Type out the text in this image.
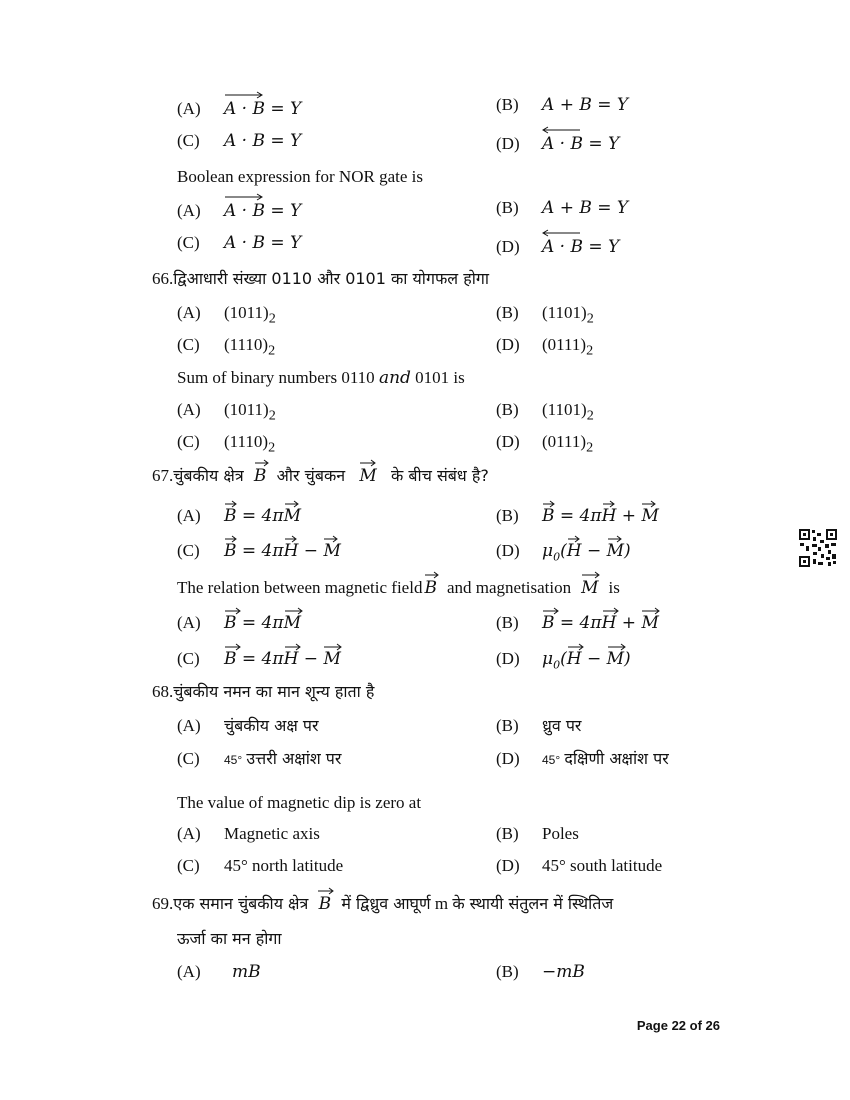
(A) A · B = Y	(B) A + B = Y
(C) A · B = Y	(D) A · B = Y
Boolean expression for NOR gate is
(A) A · B = Y	(B) A + B = Y
(C) A · B = Y	(D) A · B = Y
66.द्विआधारी संख्या 0110 और 0101 का योगफल होगा
(A) $(1011)_2$	(B) $(1101)_2$
(C) $(1110)_2$	(D) $(0111)_2$
Sum of binary numbers 0110 and 0101 is
(A) $(1011)_2$	(B) $(1101)_2$
(C) $(1110)_2$	(D) $(0111)_2$
67.चुंबकीय क्षेत्र B और चुंबकन M के बीच संबंध है?
(A) B = 4πM	(B) B = 4πH + M
(C) B = 4πH − M	(D) $\mu_0(H - M$
)
The relation between magnetic field B and magnetisation M is
(A) B = 4πM	(B) B = 4πH + M
(C) B = 4πH − M	(D) $\mu_0(H - M$
)
68.चुंबकीय नमन का मान शून्य हाता है
(A) चुंबकीय अक्ष पर	(B) ध्रुव पर
(C) 45° उत्तरी अक्षांश पर	(D) 45° दक्षिणी अक्षांश पर
The value of magnetic dip is zero at
(A) Magnetic axis	(B) Poles
(C) 45° north latitude	(D) 45° south latitude
69.एक समान चुंबकीय क्षेत्र B में द्विध्रुव आघूर्ण m के स्थायी संतुलन में स्थितिज
ऊर्जा का मन होगा
(A) mB	(B) −mB
Page 22 of 26
